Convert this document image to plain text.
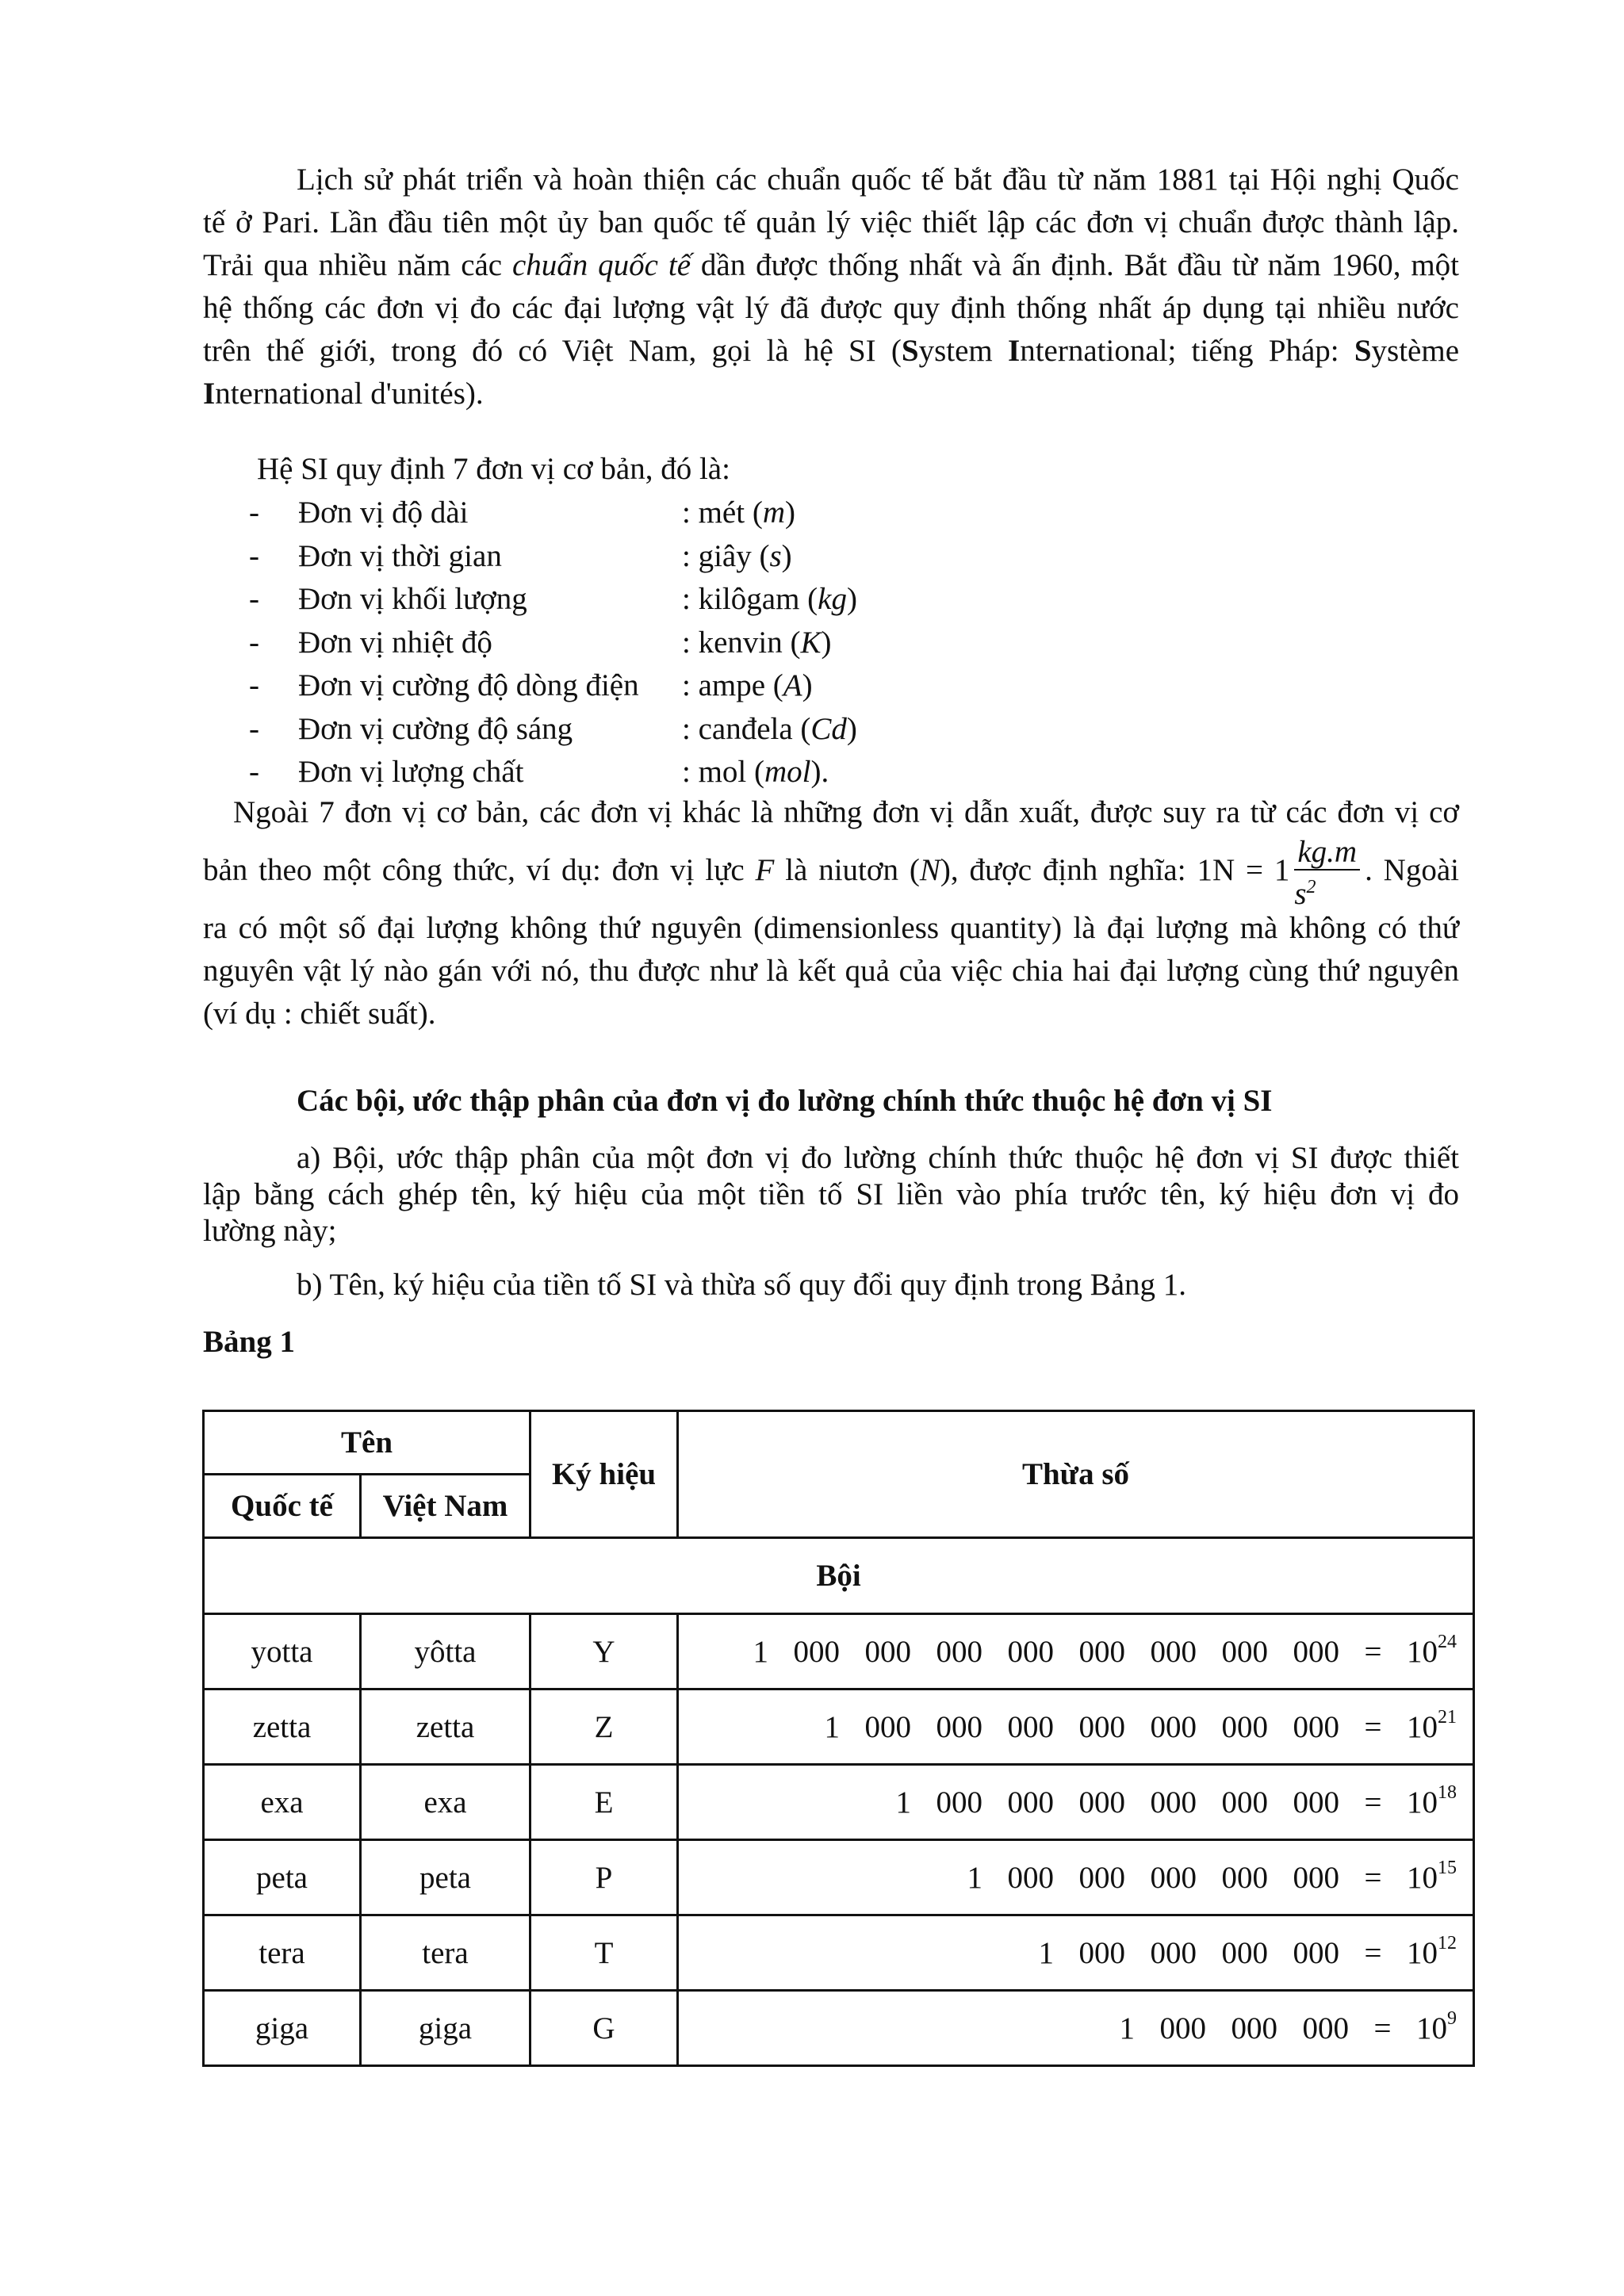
Lịch sử phát triển và hoàn thiện các chuẩn quốc tế bắt đầu từ năm 1881 tại Hội nghị Quốc
tế ở Pari. Lần đầu tiên một ủy ban quốc tế quản lý việc thiết lập các đơn vị chuẩn được thành lập.
Trải qua nhiều năm các chuẩn quốc tế dần được thống nhất và ấn định. Bắt đầu từ năm 1960, một
hệ thống các đơn vị đo các đại lượng vật lý đã được quy định thống nhất áp dụng tại nhiều nước
trên thế giới, trong đó có Việt Nam, gọi là hệ SI (System International; tiếng Pháp: Système
International d'unités).

Hệ SI quy định 7 đơn vị cơ bản, đó là:

- Đơn vị độ dài	: mét (m)
- Đơn vị thời gian	: giây (s)
- Đơn vị khối lượng	: kilôgam (kg)
- Đơn vị nhiệt độ	: kenvin (K)
- Đơn vị cường độ dòng điện : ampe (A)
- Đơn vị cường độ sáng	: canđela (Cd)
- Đơn vị lượng chất	: mol (mol).
Ngoài 7 đơn vị cơ bản, các đơn vị khác là những đơn vị dẫn xuất, được suy ra từ các đơn vị cơ
bản theo một công thức, ví dụ: đơn vị lực F là niutơn (N), được định nghĩa: $1N = 1 \frac{kg.m}{s^2}$ . Ngoài
ra có một số đại lượng không thứ nguyên (dimensionless quantity) là đại lượng mà không có thứ
nguyên vật lý nào gán với nó, thu được như là kết quả của việc chia hai đại lượng cùng thứ nguyên
(ví dụ : chiết suất).

Các bội, ước thập phân của đơn vị đo lường chính thức thuộc hệ đơn vị SI

a) Bội, ước thập phân của một đơn vị đo lường chính thức thuộc hệ đơn vị SI được thiết
lập bằng cách ghép tên, ký hiệu của một tiền tố SI liền vào phía trước tên, ký hiệu đơn vị đo
lường này;

b) Tên, ký hiệu của tiền tố SI và thừa số quy đổi quy định trong Bảng 1.

Bảng 1

Tên		Ký hiệu	Thừa số
Quốc tế	Việt Nam		
Bội			
yotta	yôtta	Y	1  000  000  000  000  000  000  000  $000 = 10^{24}$
zetta	zetta	Z	1  000  000  000  000  000  000  $000 = 10^{21}$
exa	exa	E	1  000  000  000  000  000  $000 = 10^{18}$
peta	peta	P	1  000  000  000  000  $000 = 10^{15}$
tera	tera	T	1  000  000  000  $000 = 10^{12}$
giga	giga	G	1  000  000  $000 = 10^9$
